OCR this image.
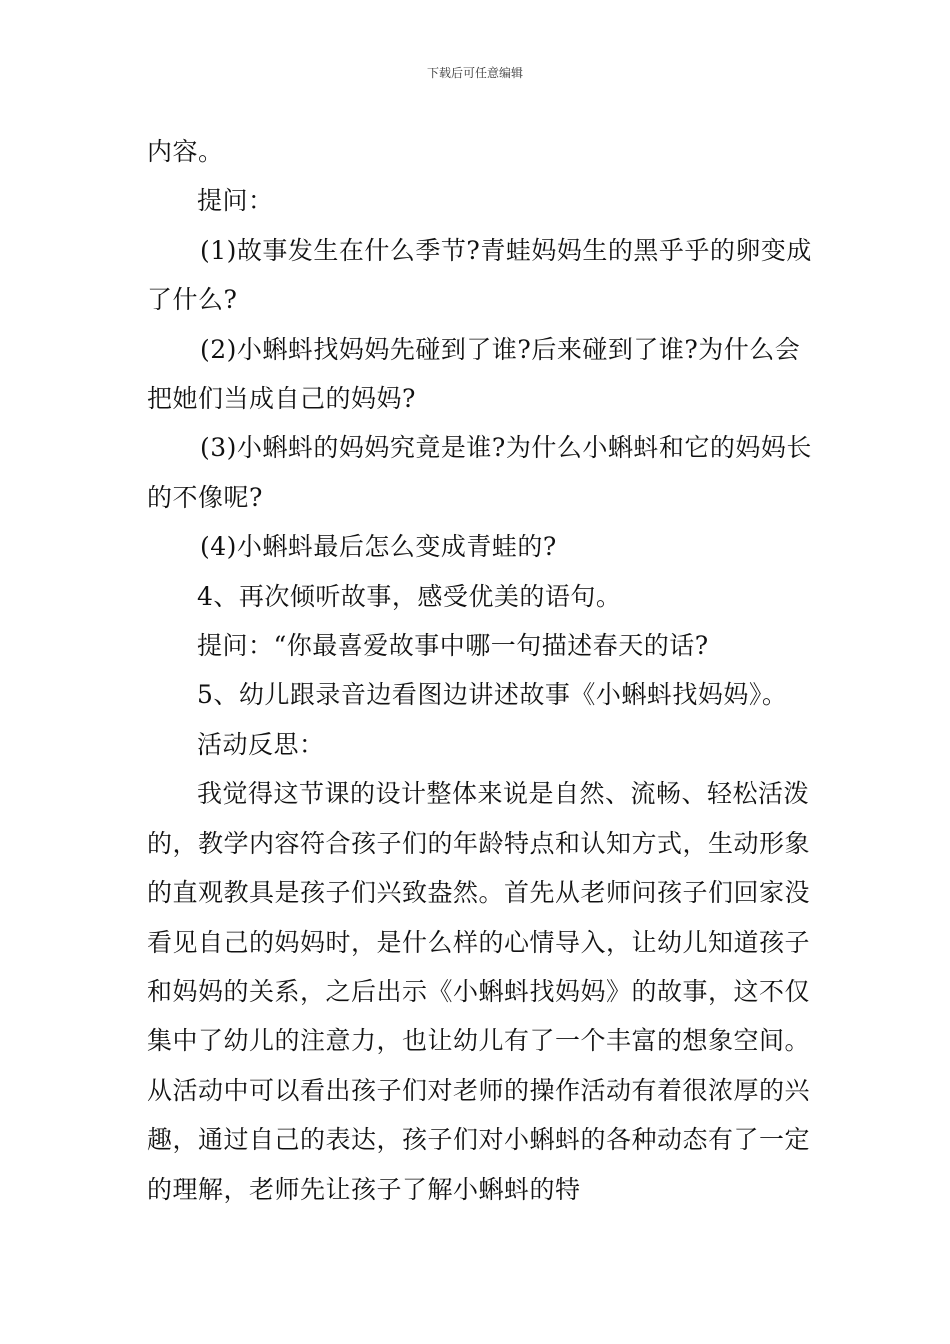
下载后可任意编辑

内容。

提问：

(1)故事发生在什么季节?青蛙妈妈生的黑乎乎的卵变成了什么?

(2)小蝌蚪找妈妈先碰到了谁?后来碰到了谁?为什么会把她们当成自己的妈妈?

(3)小蝌蚪的妈妈究竟是谁?为什么小蝌蚪和它的妈妈长的不像呢?

(4)小蝌蚪最后怎么变成青蛙的?

4、再次倾听故事，感受优美的语句。

提问：“你最喜爱故事中哪一句描述春天的话?

5、幼儿跟录音边看图边讲述故事《小蝌蚪找妈妈》。

活动反思：

我觉得这节课的设计整体来说是自然、流畅、轻松活泼的，教学内容符合孩子们的年龄特点和认知方式，生动形象的直观教具是孩子们兴致盎然。首先从老师问孩子们回家没看见自己的妈妈时，是什么样的心情导入，让幼儿知道孩子和妈妈的关系，之后出示《小蝌蚪找妈妈》的故事，这不仅集中了幼儿的注意力，也让幼儿有了一个丰富的想象空间。从活动中可以看出孩子们对老师的操作活动有着很浓厚的兴趣，通过自己的表达，孩子们对小蝌蚪的各种动态有了一定的理解，老师先让孩子了解小蝌蚪的特
